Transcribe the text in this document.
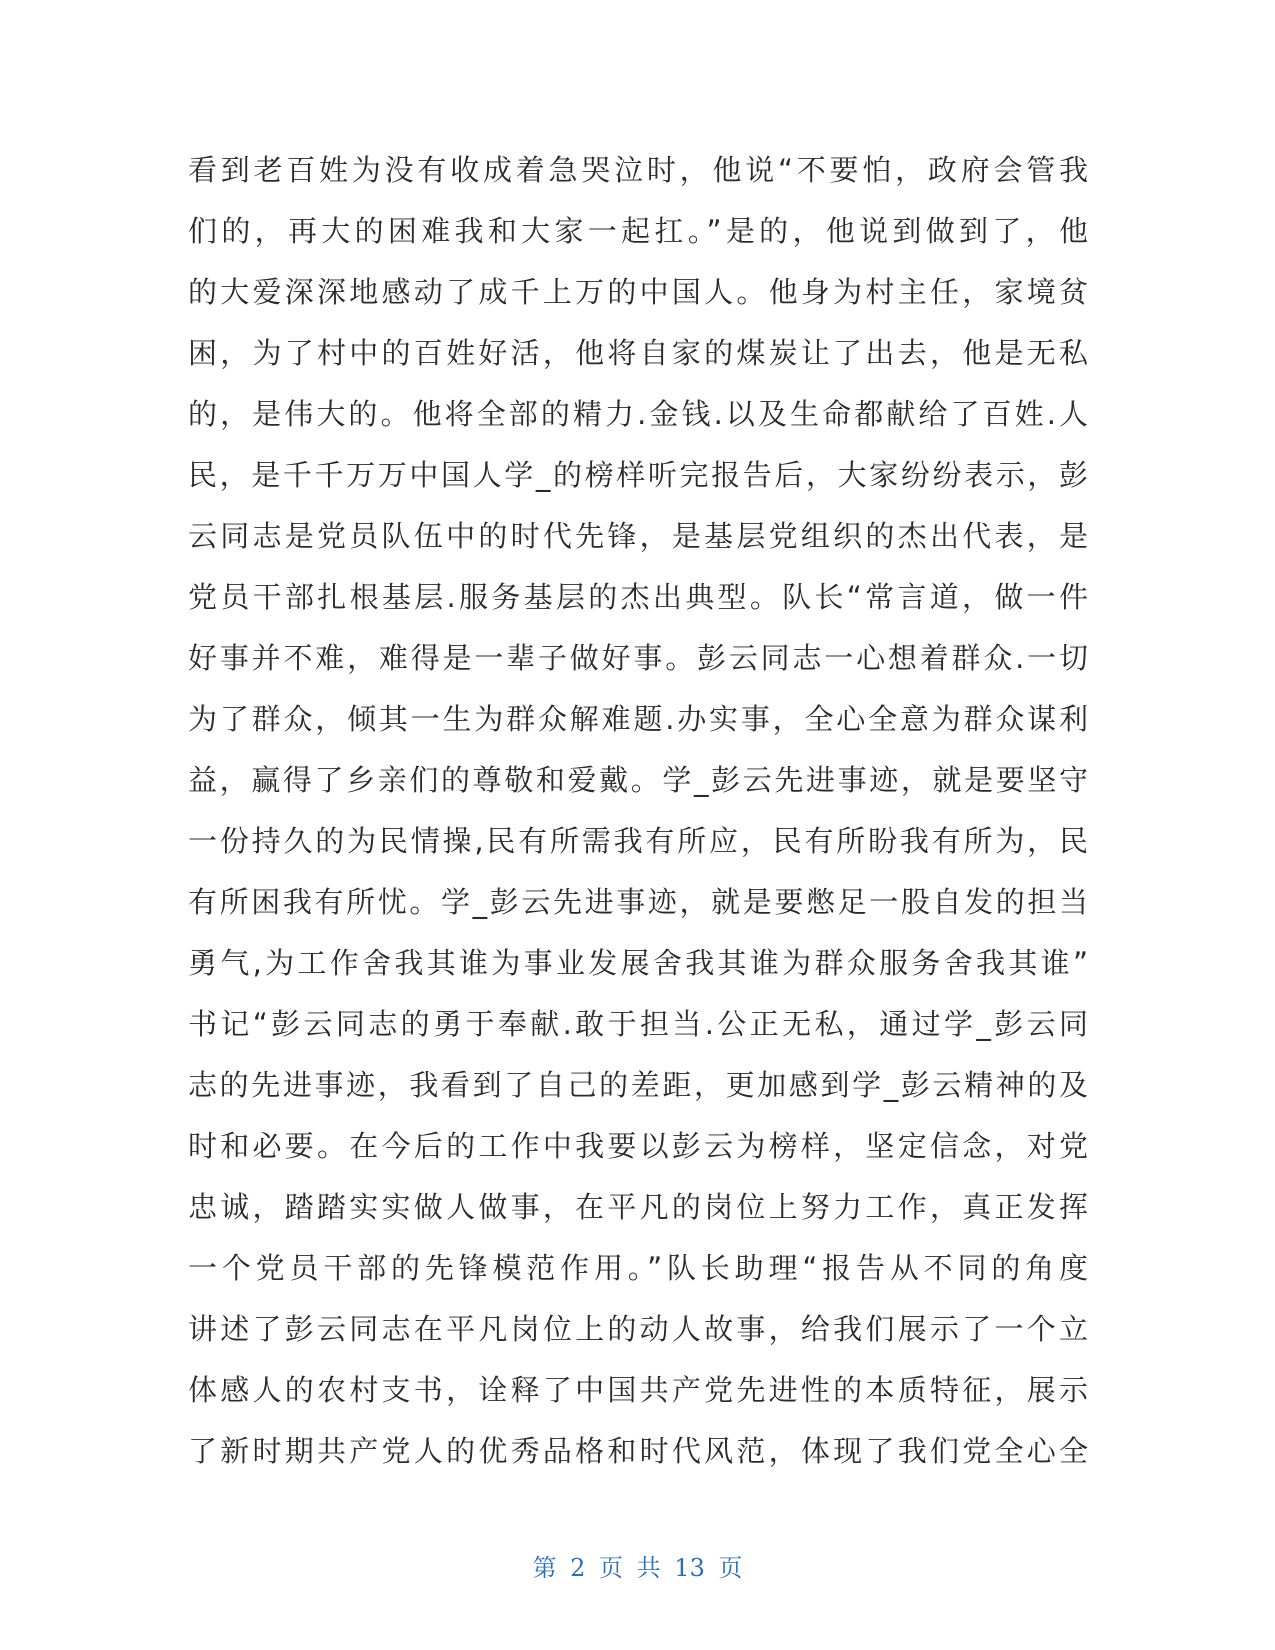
看到老百姓为没有收成着急哭泣时，他说“不要怕，政府会管我
们的，再大的困难我和大家一起扛。”是的，他说到做到了，他
的大爱深深地感动了成千上万的中国人。他身为村主任，家境贫
困，为了村中的百姓好活，他将自家的煤炭让了出去，他是无私
的，是伟大的。他将全部的精力.金钱.以及生命都献给了百姓.人
民，是千千万万中国人学_的榜样听完报告后，大家纷纷表示，彭
云同志是党员队伍中的时代先锋，是基层党组织的杰出代表，是
党员干部扎根基层.服务基层的杰出典型。队长“常言道，做一件
好事并不难，难得是一辈子做好事。彭云同志一心想着群众.一切
为了群众，倾其一生为群众解难题.办实事，全心全意为群众谋利
益，赢得了乡亲们的尊敬和爱戴。学_彭云先进事迹，就是要坚守
一份持久的为民情操,民有所需我有所应，民有所盼我有所为，民
有所困我有所忧。学_彭云先进事迹，就是要憋足一股自发的担当
勇气,为工作舍我其谁为事业发展舍我其谁为群众服务舍我其谁”
书记“彭云同志的勇于奉献.敢于担当.公正无私，通过学_彭云同
志的先进事迹，我看到了自己的差距，更加感到学_彭云精神的及
时和必要。在今后的工作中我要以彭云为榜样，坚定信念，对党
忠诚，踏踏实实做人做事，在平凡的岗位上努力工作，真正发挥
一个党员干部的先锋模范作用。”队长助理“报告从不同的角度
讲述了彭云同志在平凡岗位上的动人故事，给我们展示了一个立
体感人的农村支书，诠释了中国共产党先进性的本质特征，展示
了新时期共产党人的优秀品格和时代风范，体现了我们党全心全
第 2 页 共 13 页
